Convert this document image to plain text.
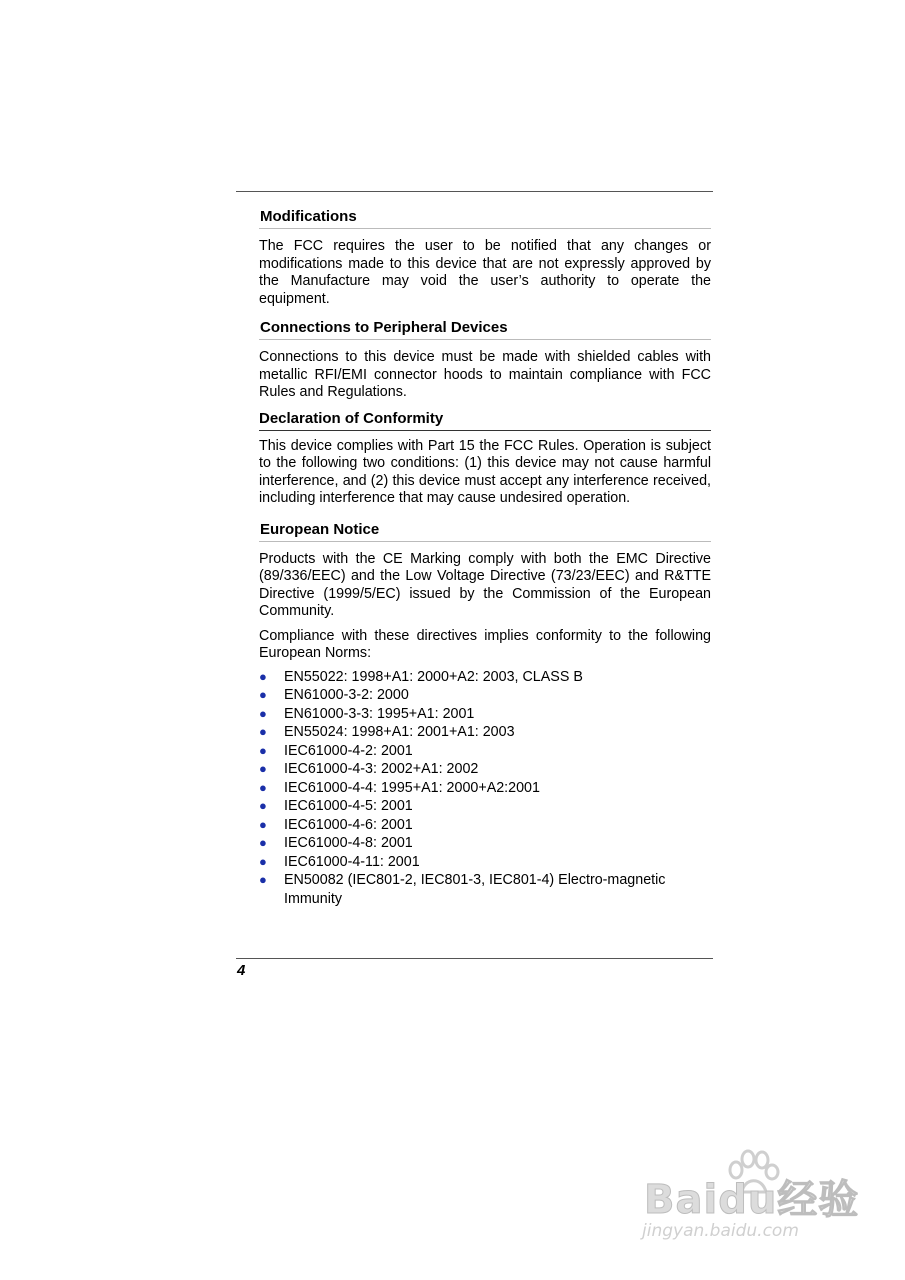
Modifications

The FCC requires the user to be notified that any changes or modifications made to this device that are not expressly approved by the Manufacture may void the user’s authority to operate the equipment.

Connections to Peripheral Devices

Connections to this device must be made with shielded cables with metallic RFI/EMI connector hoods to maintain compliance with FCC Rules and Regulations.

Declaration of Conformity

This device complies with Part 15 the FCC Rules. Operation is subject to the following two conditions: (1) this device may not cause harmful interference, and (2) this device must accept any interference received, including interference that may cause undesired operation.

European Notice

Products with the CE Marking comply with both the EMC Directive (89/336/EEC) and the Low Voltage Directive (73/23/EEC) and R&TTE Directive (1999/5/EC) issued by the Commission of the European Community.

Compliance with these directives implies conformity to the following European Norms:

● EN55022: 1998+A1: 2000+A2: 2003, CLASS B
● EN61000-3-2: 2000
● EN61000-3-3: 1995+A1: 2001
● EN55024: 1998+A1: 2001+A1: 2003
● IEC61000-4-2: 2001
● IEC61000-4-3: 2002+A1: 2002
● IEC61000-4-4: 1995+A1: 2000+A2:2001
● IEC61000-4-5: 2001
● IEC61000-4-6: 2001
● IEC61000-4-8: 2001
● IEC61000-4-11: 2001
● EN50082 (IEC801-2, IEC801-3, IEC801-4) Electro-magnetic Immunity
4
Baidu经验
jingyan.baidu.com
